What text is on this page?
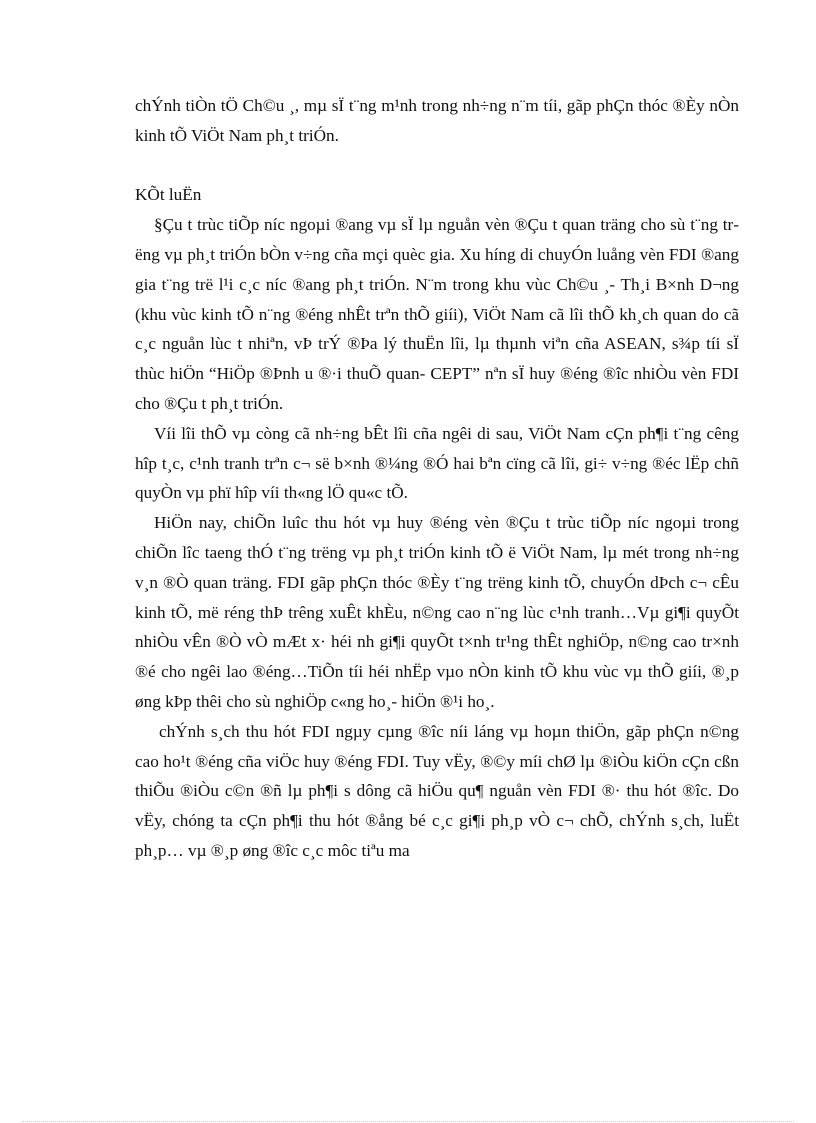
chÝnh tiÒn tÖ Ch©u ¸, mµ sÏ t¨ng m¹nh trong nh÷ng n¨m tíi, gãp phÇn thóc ®Èy nÒn kinh tÕ ViÖt Nam ph¸t triÓn.

KÕt luËn

§Çu t trùc tiÕp níc ngoµi ®ang vµ sÏ lµ nguån vèn ®Çu t quan träng cho sù t¨ng trëng vµ ph¸t triÓn bÒn v÷ng cña mçi quèc gia. Xu híng di chuyÓn luång vèn FDI ®ang gia t¨ng trë l¹i c¸c níc ®ang ph¸t triÓn. N¨m trong khu vùc Ch©u ¸- Th¸i B×nh D¬ng (khu vùc kinh tÕ n¨ng ®éng nhÊt trªn thÕ giíi), ViÖt Nam cã lîi thÕ kh¸ch quan do cã c¸c nguån lùc t nhiªn, vÞ trÝ ®Þa lý thuËn lîi, lµ thµnh viªn cña ASEAN, s¾p tíi sÏ thùc hiÖn “HiÖp ®Þnh u ®·i thuÕ quan- CEPT” nªn sÏ huy ®éng ®îc nhiÒu vèn FDI cho ®Çu t ph¸t triÓn.

Víi lîi thÕ vµ còng cã nh÷ng bÊt lîi cña ngêi di sau, ViÖt Nam cÇn ph¶i t¨ng cêng hîp t¸c, c¹nh tranh trªn c¬ së b×nh ®¼ng ®Ó hai bªn cïng cã lîi, gi÷ v÷ng ®éc lËp chñ quyÒn vµ phï hîp víi th«ng lÖ qu«c tÕ.

HiÖn nay, chiÕn luîc thu hót vµ huy ®éng vèn ®Çu t trùc tiÕp níc ngoµi trong chiÕn lîc taeng thÓ t¨ng trëng vµ ph¸t triÓn kinh tÕ ë ViÖt Nam, lµ mét trong nh÷ng v¸n ®Ò quan träng. FDI gãp phÇn thóc ®Èy t¨ng trëng kinh tÕ, chuyÓn dÞch c¬ cÊu kinh tÕ, më réng thÞ trêng xuÊt khÈu, n©ng cao n¨ng lùc c¹nh tranh…Vµ gi¶i quyÕt nhiÒu vÊn ®Ò vÒ mÆt x· héi nh gi¶i quyÕt t×nh tr¹ng thÊt nghiÖp, n©ng cao tr×nh ®é cho ngêi lao ®éng…TiÕn tíi héi nhËp vµo nÒn kinh tÕ khu vùc vµ thÕ giíi, ®¸p øng kÞp thêi cho sù nghiÖp c«ng ho¸- hiÖn ®¹i ho¸.

chÝnh s¸ch thu hót FDI ngµy cµng ®îc níi láng vµ hoµn thiÖn, gãp phÇn n©ng cao ho¹t ®éng cña viÖc huy ®éng FDI. Tuy vËy, ®©y míi chØ lµ ®iÒu kiÖn cÇn cßn thiÕu ®iÒu c©n ®ñ lµ ph¶i s dông cã hiÖu qu¶ nguån vèn FDI ®· thu hót ®îc. Do vËy, chóng ta cÇn ph¶i thu hót ®ång bé c¸c gi¶i ph¸p vÒ c¬ chÕ, chÝnh s¸ch, luËt ph¸p… vµ ®¸p øng ®îc c¸c môc tiªu ma
